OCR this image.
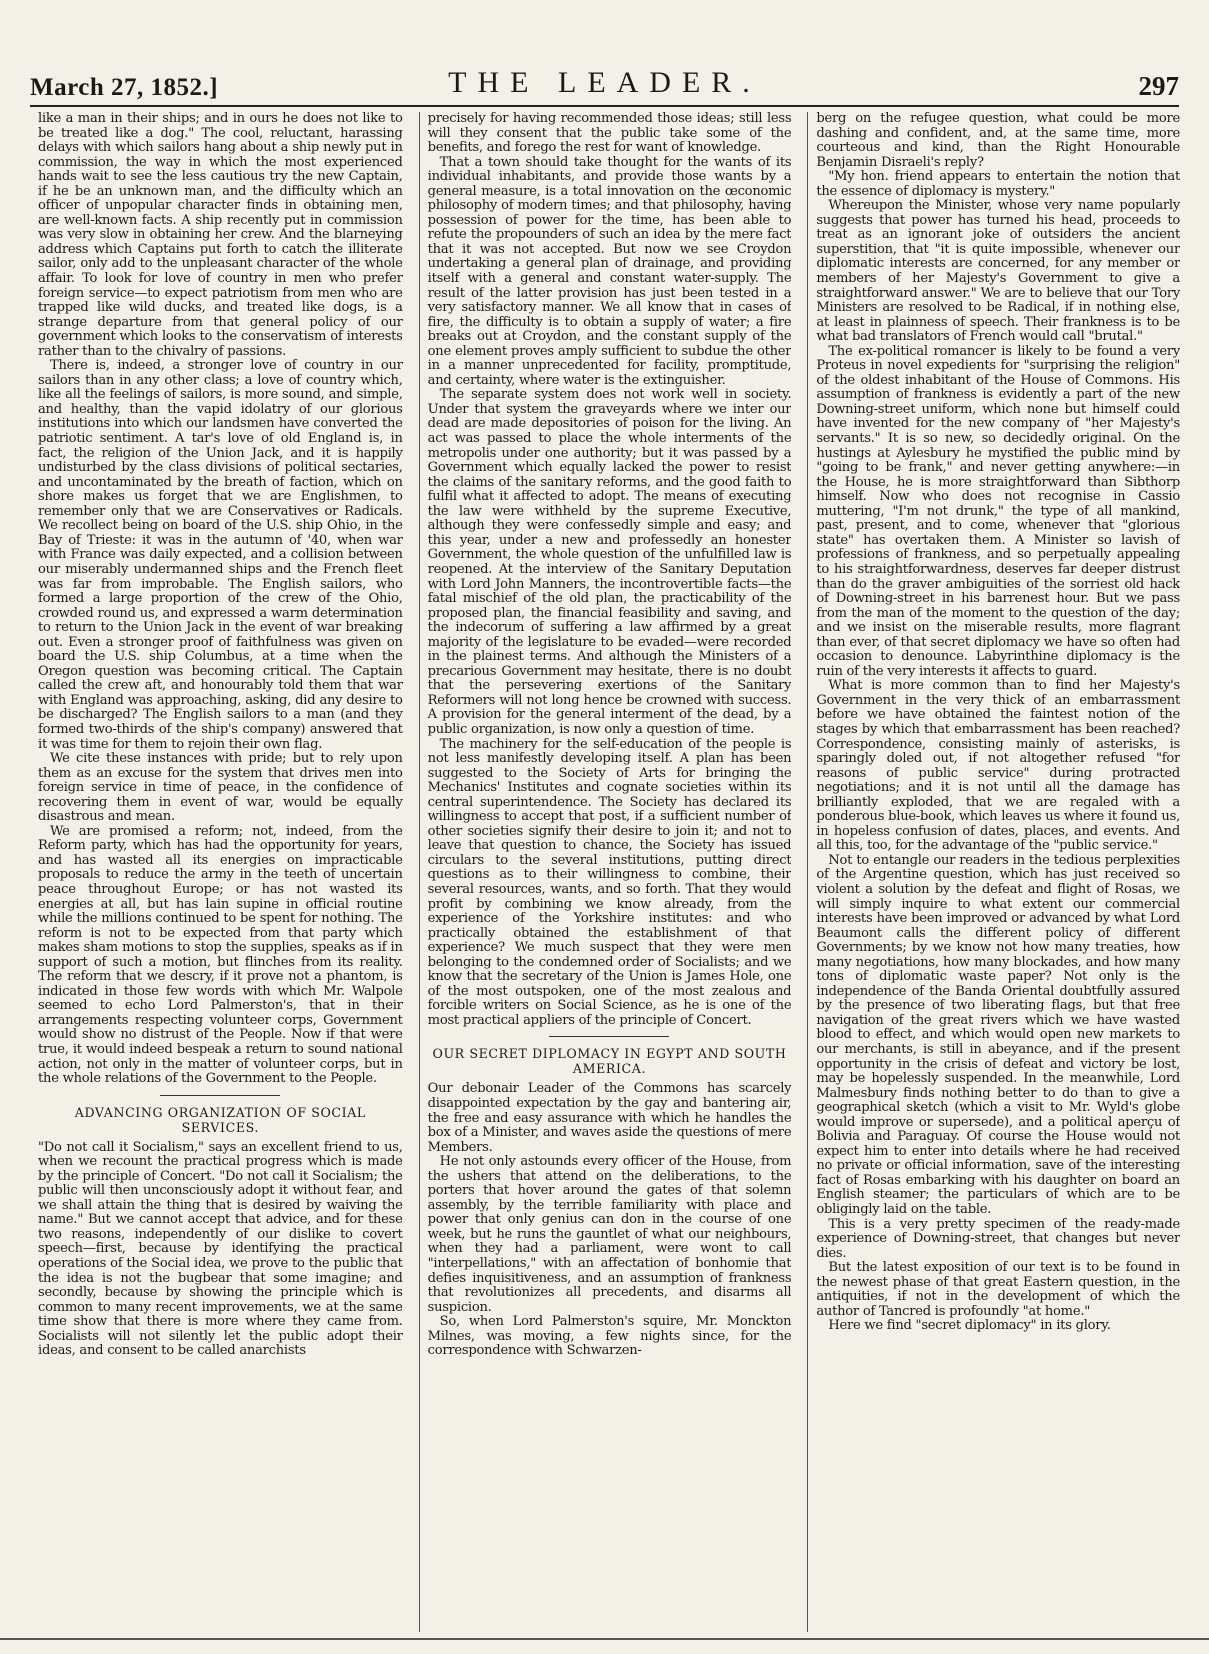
March 27, 1852.]	THE LEADER.	297

like a man in their ships; and in ours he does not like to be treated like a dog." The cool, reluctant, harassing delays with which sailors hang about a ship newly put in commission, the way in which the most experienced hands wait to see the less cautious try the new Captain, if he be an unknown man, and the difficulty which an officer of unpopular character finds in obtaining men, are well-known facts. A ship recently put in commission was very slow in obtaining her crew. And the blarneying address which Captains put forth to catch the illiterate sailor, only add to the unpleasant character of the whole affair. To look for love of country in men who prefer foreign service—to expect patriotism from men who are trapped like wild ducks, and treated like dogs, is a strange departure from that general policy of our government which looks to the conservatism of interests rather than to the chivalry of passions.

There is, indeed, a stronger love of country in our sailors than in any other class; a love of country which, like all the feelings of sailors, is more sound, and simple, and healthy, than the vapid idolatry of our glorious institutions into which our landsmen have converted the patriotic sentiment. A tar's love of old England is, in fact, the religion of the Union Jack, and it is happily undisturbed by the class divisions of political sectaries, and uncontaminated by the breath of faction, which on shore makes us forget that we are Englishmen, to remember only that we are Conservatives or Radicals. We recollect being on board of the U.S. ship Ohio, in the Bay of Trieste: it was in the autumn of '40, when war with France was daily expected, and a collision between our miserably undermanned ships and the French fleet was far from improbable. The English sailors, who formed a large proportion of the crew of the Ohio, crowded round us, and expressed a warm determination to return to the Union Jack in the event of war breaking out. Even a stronger proof of faithfulness was given on board the U.S. ship Columbus, at a time when the Oregon question was becoming critical. The Captain called the crew aft, and honourably told them that war with England was approaching, asking, did any desire to be discharged? The English sailors to a man (and they formed two-thirds of the ship's company) answered that it was time for them to rejoin their own flag.

We cite these instances with pride; but to rely upon them as an excuse for the system that drives men into foreign service in time of peace, in the confidence of recovering them in event of war, would be equally disastrous and mean.

We are promised a reform; not, indeed, from the Reform party, which has had the opportunity for years, and has wasted all its energies on impracticable proposals to reduce the army in the teeth of uncertain peace throughout Europe; or has not wasted its energies at all, but has lain supine in official routine while the millions continued to be spent for nothing. The reform is not to be expected from that party which makes sham motions to stop the supplies, speaks as if in support of such a motion, but flinches from its reality. The reform that we descry, if it prove not a phantom, is indicated in those few words with which Mr. Walpole seemed to echo Lord Palmerston's, that in their arrangements respecting volunteer corps, Government would show no distrust of the People. Now if that were true, it would indeed bespeak a return to sound national action, not only in the matter of volunteer corps, but in the whole relations of the Government to the People.

ADVANCING ORGANIZATION OF SOCIAL SERVICES.

"Do not call it Socialism," says an excellent friend to us, when we recount the practical progress which is made by the principle of Concert. "Do not call it Socialism; the public will then unconsciously adopt it without fear, and we shall attain the thing that is desired by waiving the name." But we cannot accept that advice, and for these two reasons, independently of our dislike to covert speech—first, because by identifying the practical operations of the Social idea, we prove to the public that the idea is not the bugbear that some imagine; and secondly, because by showing the principle which is common to many recent improvements, we at the same time show that there is more where they came from. Socialists will not silently let the public adopt their ideas, and consent to be called anarchists

precisely for having recommended those ideas; still less will they consent that the public take some of the benefits, and forego the rest for want of knowledge.

That a town should take thought for the wants of its individual inhabitants, and provide those wants by a general measure, is a total innovation on the œconomic philosophy of modern times; and that philosophy, having possession of power for the time, has been able to refute the propounders of such an idea by the mere fact that it was not accepted. But now we see Croydon undertaking a general plan of drainage, and providing itself with a general and constant water-supply. The result of the latter provision has just been tested in a very satisfactory manner. We all know that in cases of fire, the difficulty is to obtain a supply of water; a fire breaks out at Croydon, and the constant supply of the one element proves amply sufficient to subdue the other in a manner unprecedented for facility, promptitude, and certainty, where water is the extinguisher.

The separate system does not work well in society. Under that system the graveyards where we inter our dead are made depositories of poison for the living. An act was passed to place the whole interments of the metropolis under one authority; but it was passed by a Government which equally lacked the power to resist the claims of the sanitary reforms, and the good faith to fulfil what it affected to adopt. The means of executing the law were withheld by the supreme Executive, although they were confessedly simple and easy; and this year, under a new and professedly an honester Government, the whole question of the unfulfilled law is reopened. At the interview of the Sanitary Deputation with Lord John Manners, the incontrovertible facts—the fatal mischief of the old plan, the practicability of the proposed plan, the financial feasibility and saving, and the indecorum of suffering a law affirmed by a great majority of the legislature to be evaded—were recorded in the plainest terms. And although the Ministers of a precarious Government may hesitate, there is no doubt that the persevering exertions of the Sanitary Reformers will not long hence be crowned with success. A provision for the general interment of the dead, by a public organization, is now only a question of time.

The machinery for the self-education of the people is not less manifestly developing itself. A plan has been suggested to the Society of Arts for bringing the Mechanics' Institutes and cognate societies within its central superintendence. The Society has declared its willingness to accept that post, if a sufficient number of other societies signify their desire to join it; and not to leave that question to chance, the Society has issued circulars to the several institutions, putting direct questions as to their willingness to combine, their several resources, wants, and so forth. That they would profit by combining we know already, from the experience of the Yorkshire institutes: and who practically obtained the establishment of that experience? We much suspect that they were men belonging to the condemned order of Socialists; and we know that the secretary of the Union is James Hole, one of the most outspoken, one of the most zealous and forcible writers on Social Science, as he is one of the most practical appliers of the principle of Concert.

OUR SECRET DIPLOMACY IN EGYPT AND SOUTH AMERICA.

Our debonair Leader of the Commons has scarcely disappointed expectation by the gay and bantering air, the free and easy assurance with which he handles the box of a Minister, and waves aside the questions of mere Members.

He not only astounds every officer of the House, from the ushers that attend on the deliberations, to the porters that hover around the gates of that solemn assembly, by the terrible familiarity with place and power that only genius can don in the course of one week, but he runs the gauntlet of what our neighbours, when they had a parliament, were wont to call "interpellations," with an affectation of bonhomie that defies inquisitiveness, and an assumption of frankness that revolutionizes all precedents, and disarms all suspicion.

So, when Lord Palmerston's squire, Mr. Monckton Milnes, was moving, a few nights since, for the correspondence with Schwarzen-

berg on the refugee question, what could be more dashing and confident, and, at the same time, more courteous and kind, than the Right Honourable Benjamin Disraeli's reply?

"My hon. friend appears to entertain the notion that the essence of diplomacy is mystery."

Whereupon the Minister, whose very name popularly suggests that power has turned his head, proceeds to treat as an ignorant joke of outsiders the ancient superstition, that "it is quite impossible, whenever our diplomatic interests are concerned, for any member or members of her Majesty's Government to give a straightforward answer." We are to believe that our Tory Ministers are resolved to be Radical, if in nothing else, at least in plainness of speech. Their frankness is to be what bad translators of French would call "brutal."

The ex-political romancer is likely to be found a very Proteus in novel expedients for "surprising the religion" of the oldest inhabitant of the House of Commons. His assumption of frankness is evidently a part of the new Downing-street uniform, which none but himself could have invented for the new company of "her Majesty's servants." It is so new, so decidedly original. On the hustings at Aylesbury he mystified the public mind by "going to be frank," and never getting anywhere:—in the House, he is more straightforward than Sibthorp himself. Now who does not recognise in Cassio muttering, "I'm not drunk," the type of all mankind, past, present, and to come, whenever that "glorious state" has overtaken them. A Minister so lavish of professions of frankness, and so perpetually appealing to his straightforwardness, deserves far deeper distrust than do the graver ambiguities of the sorriest old hack of Downing-street in his barrenest hour. But we pass from the man of the moment to the question of the day; and we insist on the miserable results, more flagrant than ever, of that secret diplomacy we have so often had occasion to denounce. Labyrinthine diplomacy is the ruin of the very interests it affects to guard.

What is more common than to find her Majesty's Government in the very thick of an embarrassment before we have obtained the faintest notion of the stages by which that embarrassment has been reached? Correspondence, consisting mainly of asterisks, is sparingly doled out, if not altogether refused "for reasons of public service" during protracted negotiations; and it is not until all the damage has brilliantly exploded, that we are regaled with a ponderous blue-book, which leaves us where it found us, in hopeless confusion of dates, places, and events. And all this, too, for the advantage of the "public service."

Not to entangle our readers in the tedious perplexities of the Argentine question, which has just received so violent a solution by the defeat and flight of Rosas, we will simply inquire to what extent our commercial interests have been improved or advanced by what Lord Beaumont calls the different policy of different Governments; by we know not how many treaties, how many negotiations, how many blockades, and how many tons of diplomatic waste paper? Not only is the independence of the Banda Oriental doubtfully assured by the presence of two liberating flags, but that free navigation of the great rivers which we have wasted blood to effect, and which would open new markets to our merchants, is still in abeyance, and if the present opportunity in the crisis of defeat and victory be lost, may be hopelessly suspended. In the meanwhile, Lord Malmesbury finds nothing better to do than to give a geographical sketch (which a visit to Mr. Wyld's globe would improve or supersede), and a political aperçu of Bolivia and Paraguay. Of course the House would not expect him to enter into details where he had received no private or official information, save of the interesting fact of Rosas embarking with his daughter on board an English steamer; the particulars of which are to be obligingly laid on the table.

This is a very pretty specimen of the ready-made experience of Downing-street, that changes but never dies.

But the latest exposition of our text is to be found in the newest phase of that great Eastern question, in the antiquities, if not in the development of which the author of Tancred is profoundly "at home."

Here we find "secret diplomacy" in its glory.
